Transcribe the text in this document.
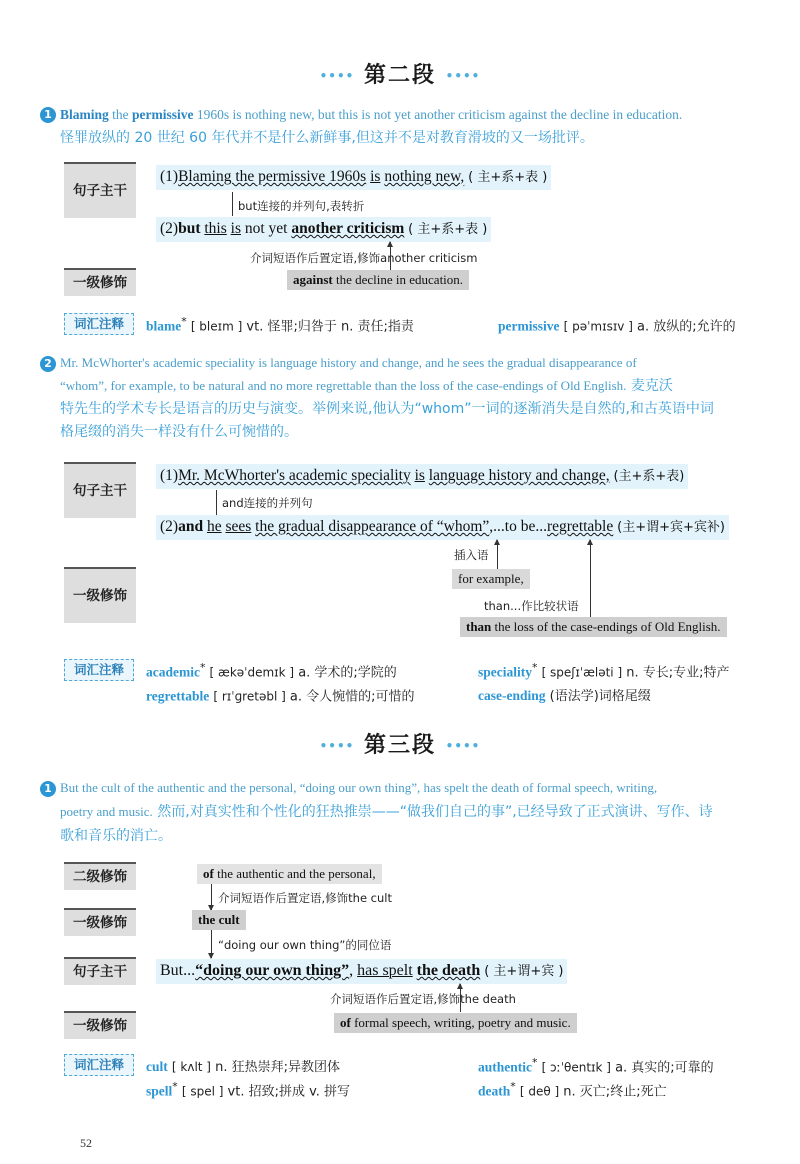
•••• 第二段 ••••
1 Blaming the permissive 1960s is nothing new, but this is not yet another criticism against the decline in education.
怪罪放纵的 20 世纪 60 年代并不是什么新鲜事,但这并不是对教育滑坡的又一场批评。
句子主干
(1)Blaming the permissive 1960s is nothing new, ( 主+系+表 )
but连接的并列句,表转折
(2)but this is not yet another criticism ( 主+系+表 )
介词短语作后置定语,修饰another criticism
一级修饰	against the decline in education.
词汇注释	blame* [ bleɪm ] vt. 怪罪;归咎于 n. 责任;指责	permissive [ pəˈmɪsɪv ] a. 放纵的;允许的
2 Mr. McWhorter's academic speciality is language history and change, and he sees the gradual disappearance of
“whom”, for example, to be natural and no more regrettable than the loss of the case-endings of Old English. 麦克沃
特先生的学术专长是语言的历史与演变。举例来说,他认为“whom”一词的逐渐消失是自然的,和古英语中词
格尾缀的消失一样没有什么可惋惜的。
句子主干
(1)Mr. McWhorter's academic speciality is language history and change, (主+系+表)
and连接的并列句
(2)and he sees the gradual disappearance of “whom”,...to be...regrettable (主+谓+宾+宾补)
插入语
for example,
than...作比较状语
一级修饰
than the loss of the case-endings of Old English.
词汇注释	academic* [ ækəˈdemɪk ] a. 学术的;学院的	speciality* [ speʃɪˈæləti ] n. 专长;专业;特产
regrettable [ rɪˈɡretəbl ] a. 令人惋惜的;可惜的	case-ending (语法学)词格尾缀
•••• 第三段 ••••
1 But the cult of the authentic and the personal, “doing our own thing”, has spelt the death of formal speech, writing,
poetry and music. 然而,对真实性和个性化的狂热推崇——“做我们自己的事”,已经导致了正式演讲、写作、诗
歌和音乐的消亡。
二级修饰	of the authentic and the personal,
介词短语作后置定语,修饰the cult
一级修饰	the cult
“doing our own thing”的同位语
句子主干	But...“doing our own thing”, has spelt the death ( 主+谓+宾 )
介词短语作后置定语,修饰the death
一级修饰	of formal speech, writing, poetry and music.
词汇注释	cult [ kʌlt ] n. 狂热崇拜;异教团体	authentic* [ ɔːˈθentɪk ] a. 真实的;可靠的
spell* [ spel ] vt. 招致;拼成 v. 拼写	death* [ deθ ] n. 灭亡;终止;死亡
52
